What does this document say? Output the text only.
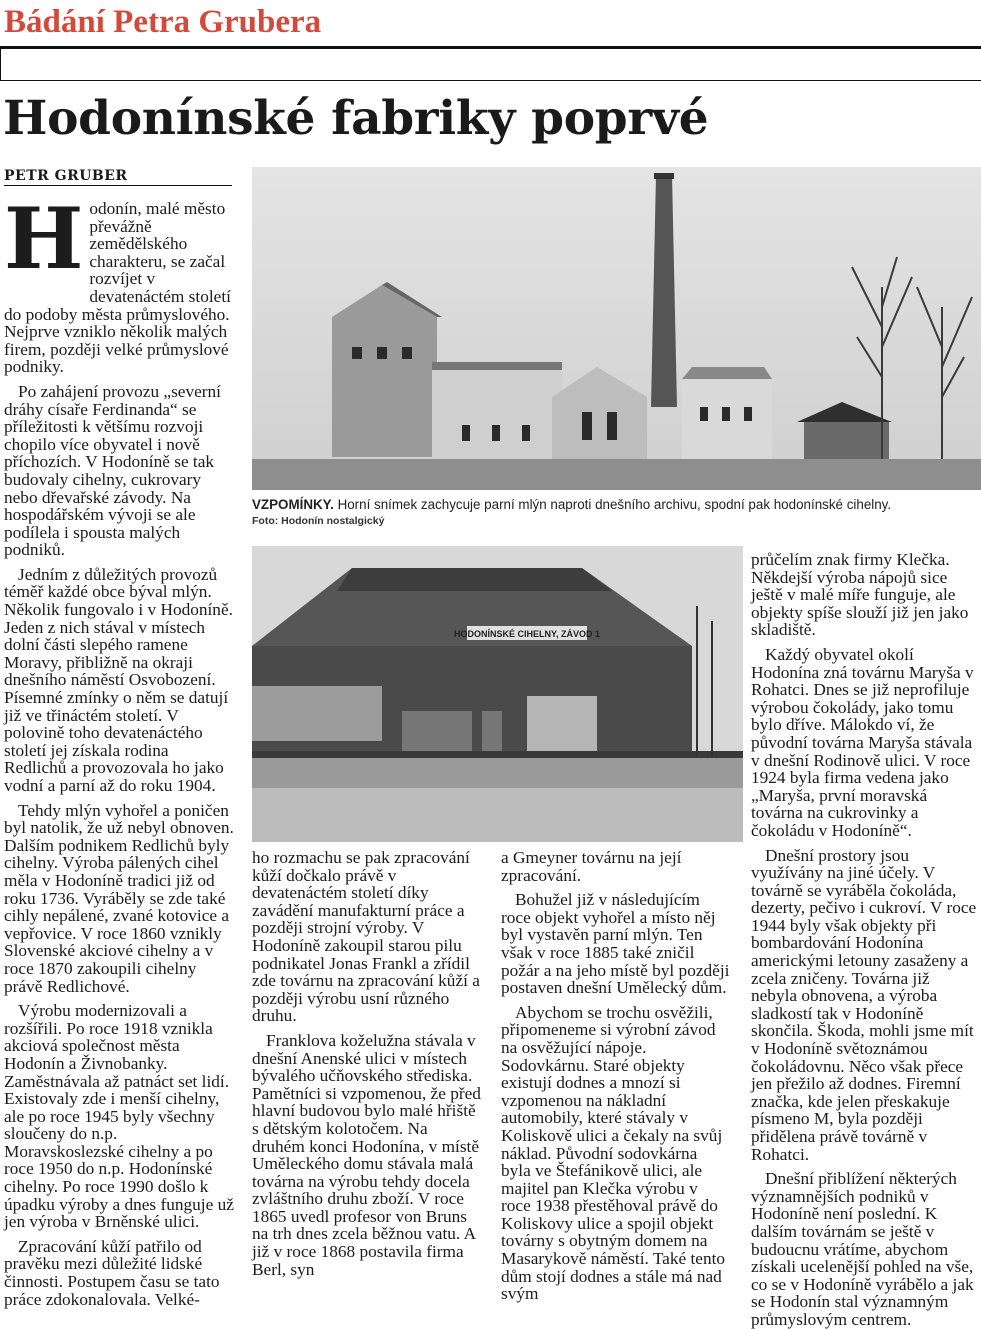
Bádání Petra Grubera
Hodonínské fabriky poprvé
PETR GRUBER
VZPOMÍNKY. Horní snímek zachycuje parní mlýn naproti dnešního archivu, spodní pak hodonínské cihelny.
Foto: Hodonín nostalgický
HODONÍNSKÉ CIHELNY, ZÁVOD 1
H odonín, malé město převážně zemědělského charakteru, se začal rozvíjet v devatenáctém století do podoby města průmyslového. Nejprve vzniklo několik malých firem, později velké průmyslové podniky.

Po zahájení provozu „severní dráhy císaře Ferdinanda“ se příležitosti k většímu rozvoji chopilo více obyvatel i nově příchozích. V Hodoníně se tak budovaly cihelny, cukrovary nebo dřevařské závody. Na hospodářském vývoji se ale podílela i spousta malých podniků.

Jedním z důležitých provozů téměř každé obce býval mlýn. Několik fungovalo i v Hodoníně. Jeden z nich stával v místech dolní části slepého ramene Moravy, přibližně na okraji dnešního náměstí Osvobození. Písemné zmínky o něm se datují již ve třináctém století. V polovině toho devatenáctého století jej získala rodina Redlichů a provozovala ho jako vodní a parní až do roku 1904.

Tehdy mlýn vyhořel a poničen byl natolik, že už nebyl obnoven. Dalším podnikem Redlichů byly cihelny. Výroba pálených cihel měla v Hodoníně tradici již od roku 1736. Vyráběly se zde také cihly nepálené, zvané kotovice a vepřovice. V roce 1860 vznikly Slovenské akciové cihelny a v roce 1870 zakoupili cihelny právě Redlichové.

Výrobu modernizovali a rozšířili. Po roce 1918 vznikla akciová společnost města Hodonín a Živnobanky. Zaměstnávala až patnáct set lidí. Existovaly zde i menší cihelny, ale po roce 1945 byly všechny sloučeny do n.p. Moravskoslezské cihelny a po roce 1950 do n.p. Hodonínské cihelny. Po roce 1990 došlo k úpadku výroby a dnes funguje už jen výroba v Brněnské ulici.

Zpracování kůží patřilo od pravěku mezi důležité lidské činnosti. Postupem času se tato práce zdokonalovala. Velké-

ho rozmachu se pak zpracování kůží dočkalo právě v devatenáctém století díky zavádění manufakturní práce a později strojní výroby. V Hodoníně zakoupil starou pilu podnikatel Jonas Frankl a zřídil zde továrnu na zpracování kůží a později výrobu usní různého druhu.

Franklova koželužna stávala v dnešní Anenské ulici v místech bývalého učňovského střediska. Pamětníci si vzpomenou, že před hlavní budovou bylo malé hřiště s dětským kolotočem. Na druhém konci Hodonína, v místě Uměleckého domu stávala malá továrna na výrobu tehdy docela zvláštního druhu zboží. V roce 1865 uvedl profesor von Bruns na trh dnes zcela běžnou vatu. A již v roce 1868 postavila firma Berl, syn

a Gmeyner továrnu na její zpracování.

Bohužel již v následujícím roce objekt vyhořel a místo něj byl vystavěn parní mlýn. Ten však v roce 1885 také zničil požár a na jeho místě byl později postaven dnešní Umělecký dům.

Abychom se trochu osvěžili, připomeneme si výrobní závod na osvěžující nápoje. Sodovkárnu. Staré objekty existují dodnes a mnozí si vzpomenou na nákladní automobily, které stávaly v Koliskově ulici a čekaly na svůj náklad. Původní sodovkárna byla ve Štefánikově ulici, ale majitel pan Klečka výrobu v roce 1938 přestěhoval právě do Koliskovy ulice a spojil objekt továrny s obytným domem na Masarykově náměstí. Také tento dům stojí dodnes a stále má nad svým

průčelím znak firmy Klečka. Někdejší výroba nápojů sice ještě v malé míře funguje, ale objekty spíše slouží již jen jako skladiště.

Každý obyvatel okolí Hodonína zná továrnu Maryša v Rohatci. Dnes se již neprofiluje výrobou čokolády, jako tomu bylo dříve. Málokdo ví, že původní továrna Maryša stávala v dnešní Rodinově ulici. V roce 1924 byla firma vedena jako „Maryša, první moravská továrna na cukrovinky a čokoládu v Hodoníně“.

Dnešní prostory jsou využívány na jiné účely. V továrně se vyráběla čokoláda, dezerty, pečivo i cukroví. V roce 1944 byly však objekty při bombardování Hodonína americkými letouny zasaženy a zcela zničeny. Továrna již nebyla obnovena, a výroba sladkostí tak v Hodoníně skončila. Škoda, mohli jsme mít v Hodoníně světoznámou čokoládovnu. Něco však přece jen přežilo až dodnes. Firemní značka, kde jelen přeskakuje písmeno M, byla později přidělena právě továrně v Rohatci.

Dnešní přiblížení některých významnějších podniků v Hodoníně není poslední. K dalším továrnám se ještě v budoucnu vrátíme, abychom získali ucelenější pohled na vše, co se v Hodoníně vyrábělo a jak se Hodonín stal významným průmyslovým centrem.
